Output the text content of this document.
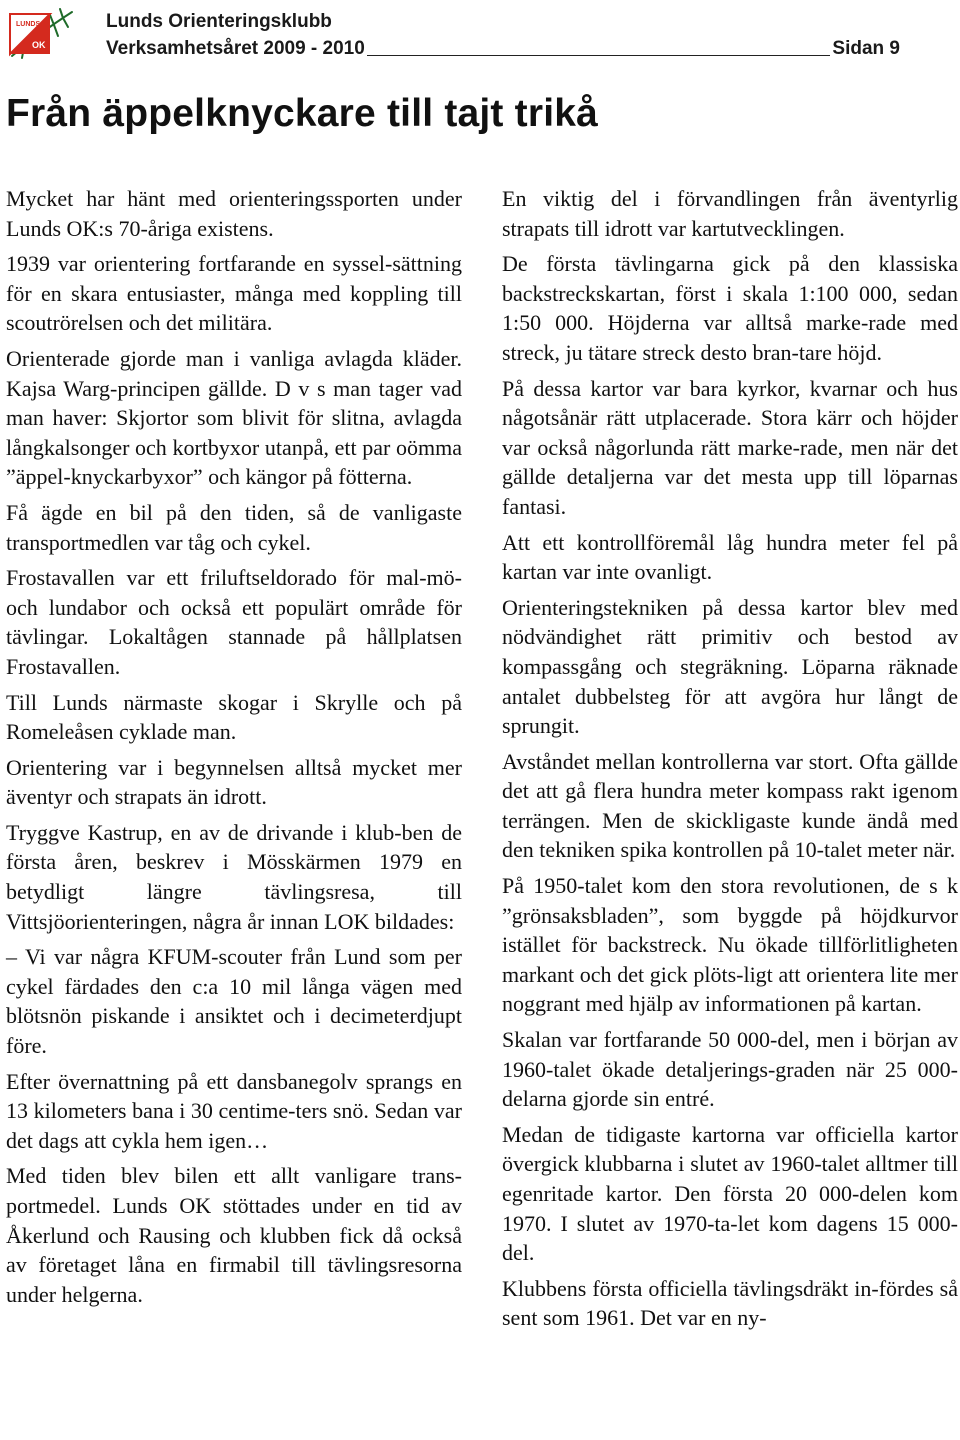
LUNDS
OK
Lunds Orienteringsklubb
Verksamhetsåret 2009 - 2010	Sidan 9
Från äppelknyckare till tajt trikå

Mycket har hänt med orienteringssporten under Lunds OK:s 70-åriga existens.

1939 var orientering fortfarande en syssel-sättning för en skara entusiaster, många med koppling till scoutrörelsen och det militära.

Orienterade gjorde man i vanliga avlagda kläder. Kajsa Warg-principen gällde. D v s man tager vad man haver: Skjortor som blivit för slitna, avlagda långkalsonger och kortbyxor utanpå, ett par oömma ”äppel-knyckarbyxor” och kängor på fötterna.

Få ägde en bil på den tiden, så de vanligaste transportmedlen var tåg och cykel.

Frostavallen var ett friluftseldorado för mal-mö- och lundabor och också ett populärt område för tävlingar. Lokaltågen stannade på hållplatsen Frostavallen.

Till Lunds närmaste skogar i Skrylle och på Romeleåsen cyklade man.

Orientering var i begynnelsen alltså mycket mer äventyr och strapats än idrott.

Tryggve Kastrup, en av de drivande i klub-ben de första åren, beskrev i Mösskärmen 1979 en betydligt längre tävlingsresa, till Vittsjöorienteringen, några år innan LOK bildades:

– Vi var några KFUM-scouter från Lund som per cykel färdades den c:a 10 mil långa vägen med blötsnön piskande i ansiktet och i decimeterdjupt före.

Efter övernattning på ett dansbanegolv sprangs en 13 kilometers bana i 30 centime-ters snö. Sedan var det dags att cykla hem igen…

Med tiden blev bilen ett allt vanligare trans-portmedel. Lunds OK stöttades under en tid av Åkerlund och Rausing och klubben fick då också av företaget låna en firmabil till tävlingsresorna under helgerna.

En viktig del i förvandlingen från äventyrlig strapats till idrott var kartutvecklingen.

De första tävlingarna gick på den klassiska backstreckskartan, först i skala 1:100 000, sedan 1:50 000. Höjderna var alltså marke-rade med streck, ju tätare streck desto bran-tare höjd.

På dessa kartor var bara kyrkor, kvarnar och hus någotsånär rätt utplacerade. Stora kärr och höjder var också någorlunda rätt marke-rade, men när det gällde detaljerna var det mesta upp till löparnas fantasi.

Att ett kontrollföremål låg hundra meter fel på kartan var inte ovanligt.

Orienteringstekniken på dessa kartor blev med nödvändighet rätt primitiv och bestod av kompassgång och stegräkning. Löparna räknade antalet dubbelsteg för att avgöra hur långt de sprungit.

Avståndet mellan kontrollerna var stort. Ofta gällde det att gå flera hundra meter kompass rakt igenom terrängen. Men de skickligaste kunde ändå med den tekniken spika kontrollen på 10-talet meter när.

På 1950-talet kom den stora revolutionen, de s k ”grönsaksbladen”, som byggde på höjdkurvor istället för backstreck. Nu ökade tillförlitligheten markant och det gick plöts-ligt att orientera lite mer noggrant med hjälp av informationen på kartan.

Skalan var fortfarande 50 000-del, men i början av 1960-talet ökade detaljerings-graden när 25 000-delarna gjorde sin entré.

Medan de tidigaste kartorna var officiella kartor övergick klubbarna i slutet av 1960-talet alltmer till egenritade kartor. Den första 20 000-delen kom 1970. I slutet av 1970-ta-let kom dagens 15 000-del.

Klubbens första officiella tävlingsdräkt in-fördes så sent som 1961. Det var en ny-
